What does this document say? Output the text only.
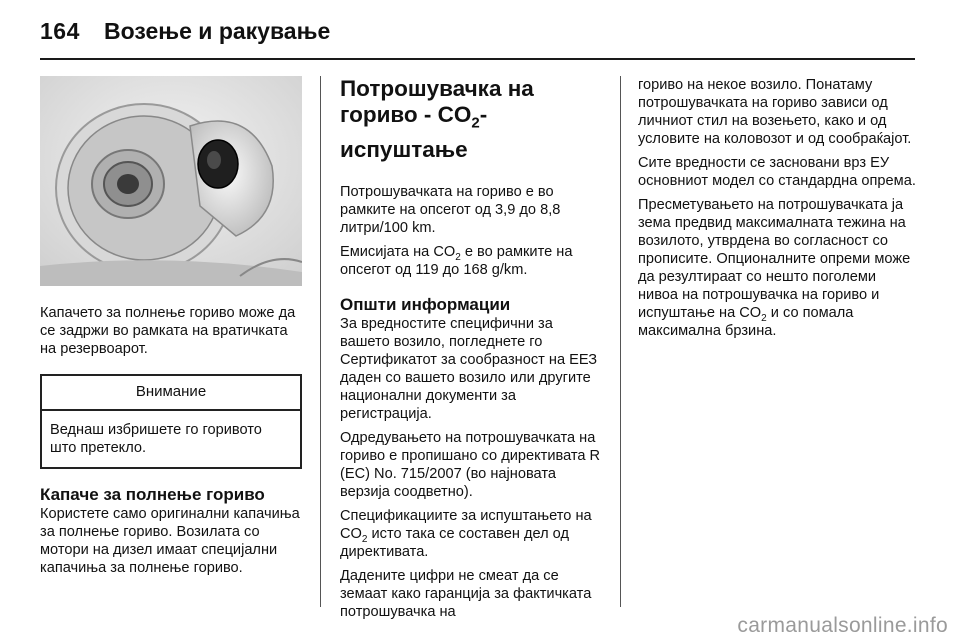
164 Возење и ракување

Капачето за полнење гориво може да се задржи во рамката на вратичката на резервоарот.

Внимание

Веднаш избришете го горивото што претекло.

Капаче за полнење гориво

Користете само оригинални капачиња за полнење гориво. Возилата со мотори на дизел имаат специјални капачиња за полнење гориво.

Потрошувачка на
гориво - $CO_2$-испуштање

Потрошувачката на гориво е во рамките на опсегот од 3,9 до 8,8 литри/100 km.

Емисијата на $CO_2$ е во рамките на опсегот од 119 до 168 g/km.

Општи информации

За вредностите специфични за вашето возило, погледнете го Сертификатот за сообразност на ЕЕЗ даден со вашето возило или другите национални документи за регистрација.

Одредувањето на потрошувачката на гориво е пропишано со директивата R (EC) No. 715/2007 (во најновата верзија соодветно).

Спецификациите за испуштањето на $CO_2$ исто така се составен дел од директивата.

Дадените цифри не смеат да се земаат како гаранција за фактичката потрошувачка на

гориво на некое возило. Понатаму потрошувачката на гориво зависи од личниот стил на возењето, како и од условите на коловозот и од сообраќајот.

Сите вредности се засновани врз ЕУ основниот модел со стандардна опрема.

Пресметувањето на потрошувачката ја зема предвид максималната тежина на возилото, утврдена во согласност со прописите. Опционалните опреми може да резултираат со нешто поголеми нивоа на потрошувачка на гориво и испуштање на $CO_2$ и со помала максимална брзина.

carmanualsonline.info
